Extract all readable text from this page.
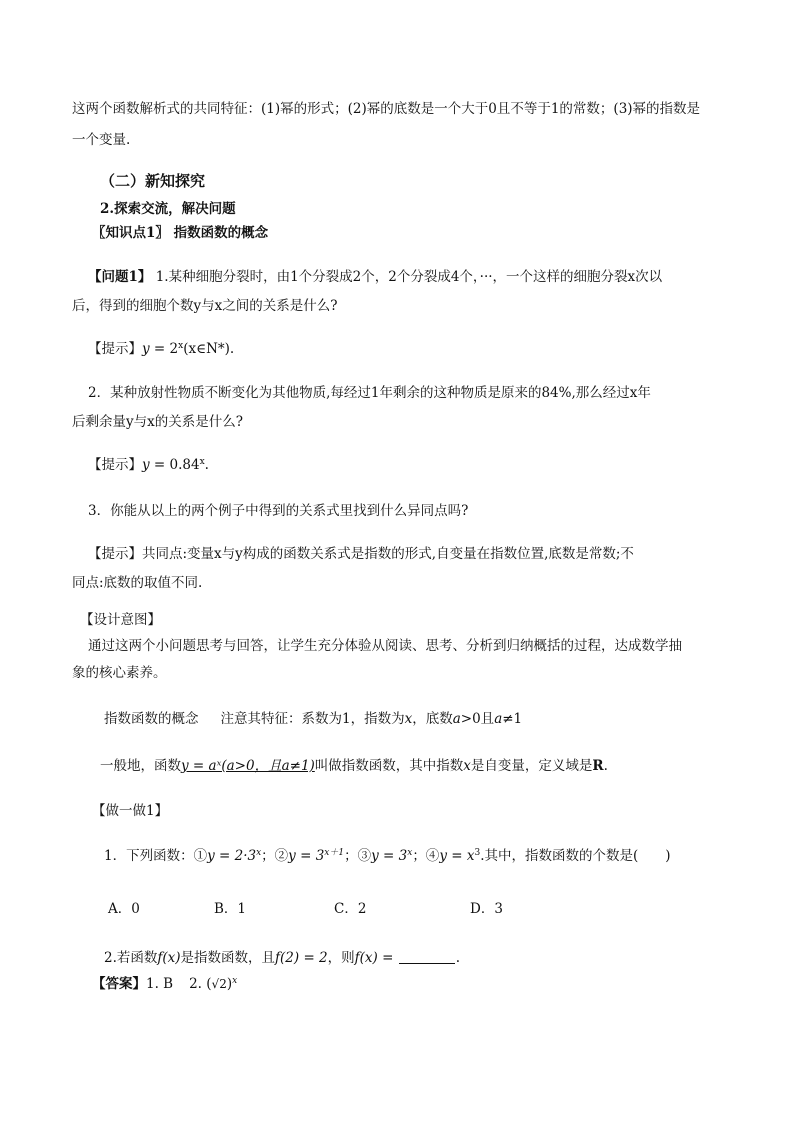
这两个函数解析式的共同特征：(1)幂的形式；(2)幂的底数是一个大于0且不等于1的常数；(3)幂的指数是
一个变量.
（二）新知探究
2.探索交流，解决问题
〖知识点1〗 指数函数的概念
【问题1】 1.某种细胞分裂时，由1个分裂成2个，2个分裂成4个，···，一个这样的细胞分裂x次以
后，得到的细胞个数y与x之间的关系是什么?
【提示】$y = 2^x(x\in N*)$.
2．某种放射性物质不断变化为其他物质,每经过1年剩余的这种物质是原来的84%,那么经过x年
后剩余量y与x的关系是什么?
【提示】$y = 0.84^x$.
3．你能从以上的两个例子中得到的关系式里找到什么异同点吗?
【提示】共同点:变量x与y构成的函数关系式是指数的形式,自变量在指数位置,底数是常数;不
同点:底数的取值不同.
【设计意图】
通过这两个小问题思考与回答，让学生充分体验从阅读、思考、分析到归纳概括的过程，达成数学抽
象的核心素养。
指数函数的概念 注意其特征：系数为1，指数为x，底数a>0且a≠1
一般地，函数y = aˣ(a>0，且a≠1)叫做指数函数，其中指数x是自变量，定义域是R.
【做一做1】
1．下列函数：①y = $2\cdot 3^x$；②y = $3^{x+1}$；③y = $3^x$；④y = $x^3$.其中，指数函数的个数是(　　)
A．0	B．1	C．2	D．3
2.若函数f(x)是指数函数，且f(2) = 2，则f(x) =	.
【答案】1. B 2. $(√2)^x$
